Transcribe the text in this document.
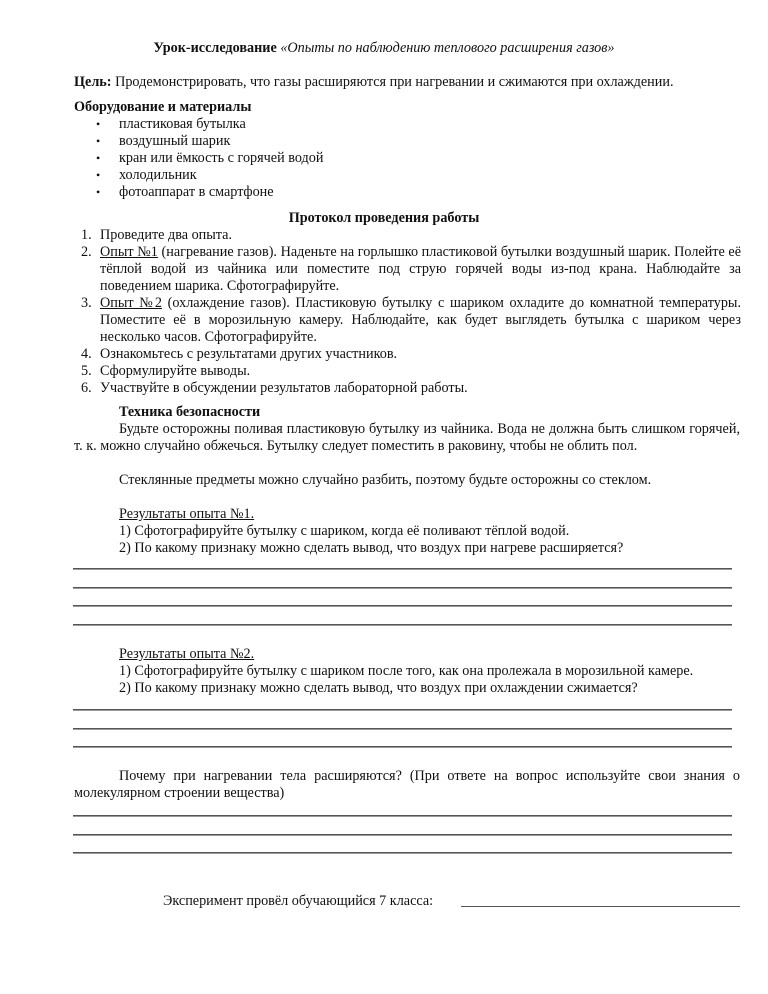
Урок-исследование «Опыты по наблюдению теплового расширения газов»
Цель: Продемонстрировать, что газы расширяются при нагревании и сжимаются при охлаждении.
Оборудование и материалы
• пластиковая бутылка
• воздушный шарик
• кран или ёмкость с горячей водой
• холодильник
• фотоаппарат в смартфоне
Протокол проведения работы
1. Проведите два опыта.
2. Опыт №1 (нагревание газов). Наденьте на горлышко пластиковой бутылки воздушный шарик. Полейте её тёплой водой из чайника или поместите под струю горячей воды из-под крана. Наблюдайте за поведением шарика. Сфотографируйте.
3. Опыт №2 (охлаждение газов). Пластиковую бутылку с шариком охладите до комнатной температуры. Поместите её в морозильную камеру. Наблюдайте, как будет выглядеть бутылка с шариком через несколько часов. Сфотографируйте.
4. Ознакомьтесь с результатами других участников.
5. Сформулируйте выводы.
6. Участвуйте в обсуждении результатов лабораторной работы.
Техника безопасности
Будьте осторожны поливая пластиковую бутылку из чайника. Вода не должна быть слишком горячей, т. к. можно случайно обжечься. Бутылку следует поместить в раковину, чтобы не облить пол.
Стеклянные предметы можно случайно разбить, поэтому будьте осторожны со стеклом.
Результаты опыта №1.
1) Сфотографируйте бутылку с шариком, когда её поливают тёплой водой.
2) По какому признаку можно сделать вывод, что воздух при нагреве расширяется?
Результаты опыта №2.
1) Сфотографируйте бутылку с шариком после того, как она пролежала в морозильной камере.
2) По какому признаку можно сделать вывод, что воздух при охлаждении сжимается?
Почему при нагревании тела расширяются? (При ответе на вопрос используйте свои знания о молекулярном строении вещества)
Эксперимент провёл обучающийся 7 класса:
